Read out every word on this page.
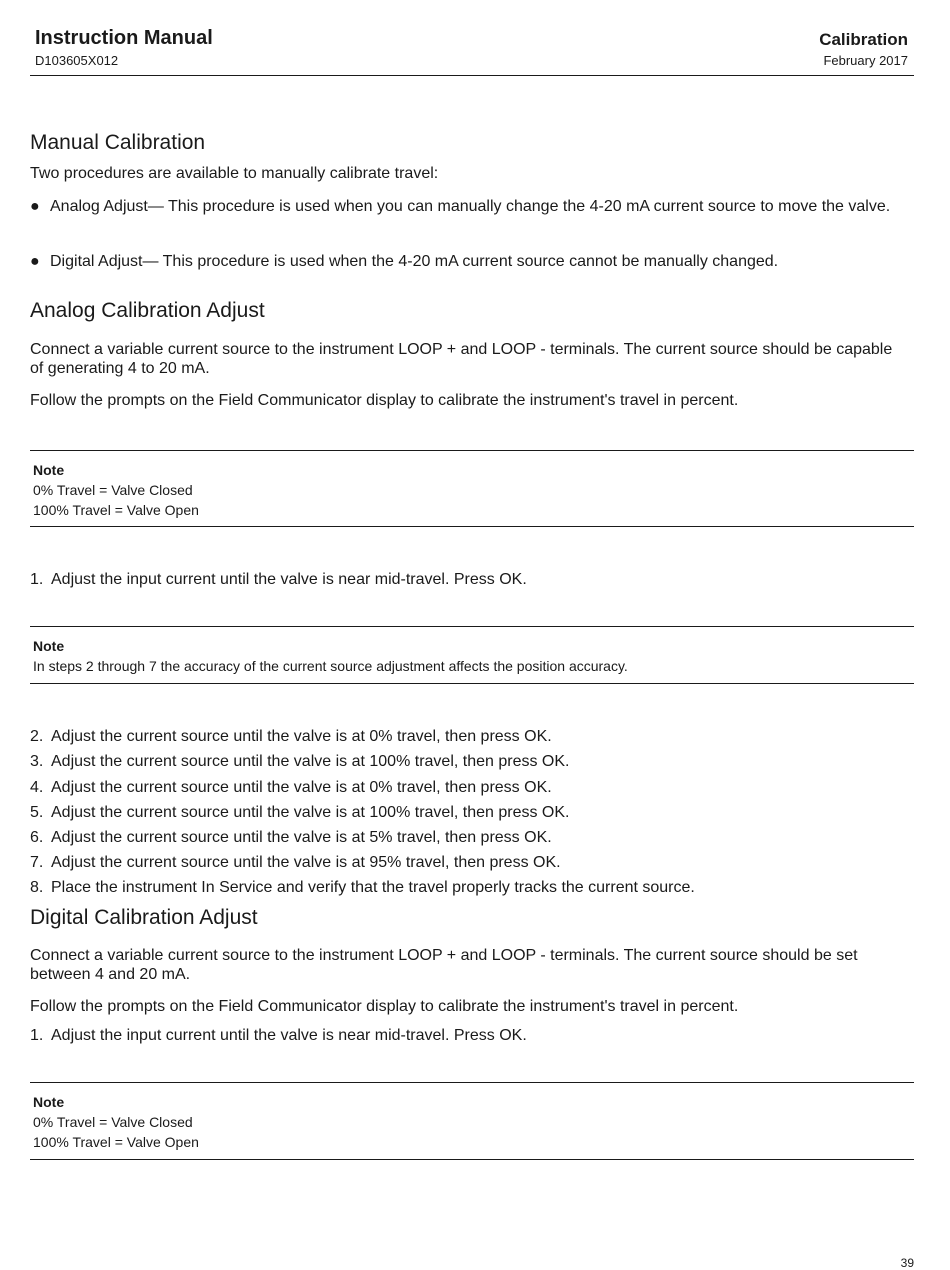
Instruction Manual
D103605X012
Calibration
February 2017
Manual Calibration
Two procedures are available to manually calibrate travel:
● Analog Adjust— This procedure is used when you can manually change the 4-20 mA current source to move the valve.
● Digital Adjust— This procedure is used when the 4-20 mA current source cannot be manually changed.
Analog Calibration Adjust
Connect a variable current source to the instrument LOOP + and LOOP - terminals. The current source should be capable of generating 4 to 20 mA.
Follow the prompts on the Field Communicator display to calibrate the instrument's travel in percent.
Note
0% Travel = Valve Closed
100% Travel = Valve Open
1. Adjust the input current until the valve is near mid-travel. Press OK.
Note
In steps 2 through 7 the accuracy of the current source adjustment affects the position accuracy.
2. Adjust the current source until the valve is at 0% travel, then press OK.
3. Adjust the current source until the valve is at 100% travel, then press OK.
4. Adjust the current source until the valve is at 0% travel, then press OK.
5. Adjust the current source until the valve is at 100% travel, then press OK.
6. Adjust the current source until the valve is at 5% travel, then press OK.
7. Adjust the current source until the valve is at 95% travel, then press OK.
8. Place the instrument In Service and verify that the travel properly tracks the current source.
Digital Calibration Adjust
Connect a variable current source to the instrument LOOP + and LOOP - terminals. The current source should be set between 4 and 20 mA.
Follow the prompts on the Field Communicator display to calibrate the instrument's travel in percent.
1. Adjust the input current until the valve is near mid-travel. Press OK.
Note
0% Travel = Valve Closed
100% Travel = Valve Open
39
